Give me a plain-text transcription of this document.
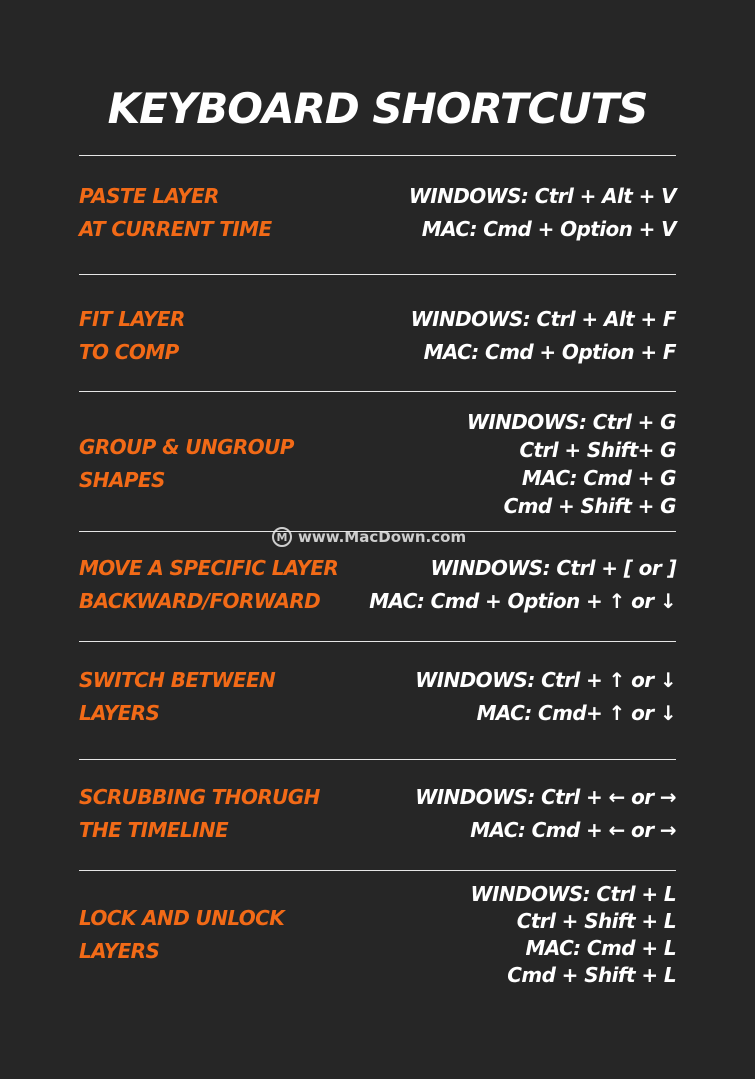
KEYBOARD SHORTCUTS
PASTE LAYER
AT CURRENT TIME
WINDOWS: Ctrl + Alt + V
MAC: Cmd + Option + V
FIT LAYER
TO COMP
WINDOWS: Ctrl + Alt + F
MAC: Cmd + Option + F
GROUP & UNGROUP
SHAPES
WINDOWS: Ctrl + G
Ctrl + Shift+ G
MAC: Cmd + G
Cmd + Shift + G
M www.MacDown.com
MOVE A SPECIFIC LAYER
BACKWARD/FORWARD
WINDOWS: Ctrl + [ or ]
MAC: Cmd + Option + ↑ or ↓
SWITCH BETWEEN
LAYERS
WINDOWS: Ctrl + ↑ or ↓
MAC: Cmd+ ↑ or ↓
SCRUBBING THORUGH
THE TIMELINE
WINDOWS: Ctrl + ← or →
MAC: Cmd + ← or →
LOCK AND UNLOCK
LAYERS
WINDOWS: Ctrl + L
Ctrl + Shift + L
MAC: Cmd + L
Cmd + Shift + L
